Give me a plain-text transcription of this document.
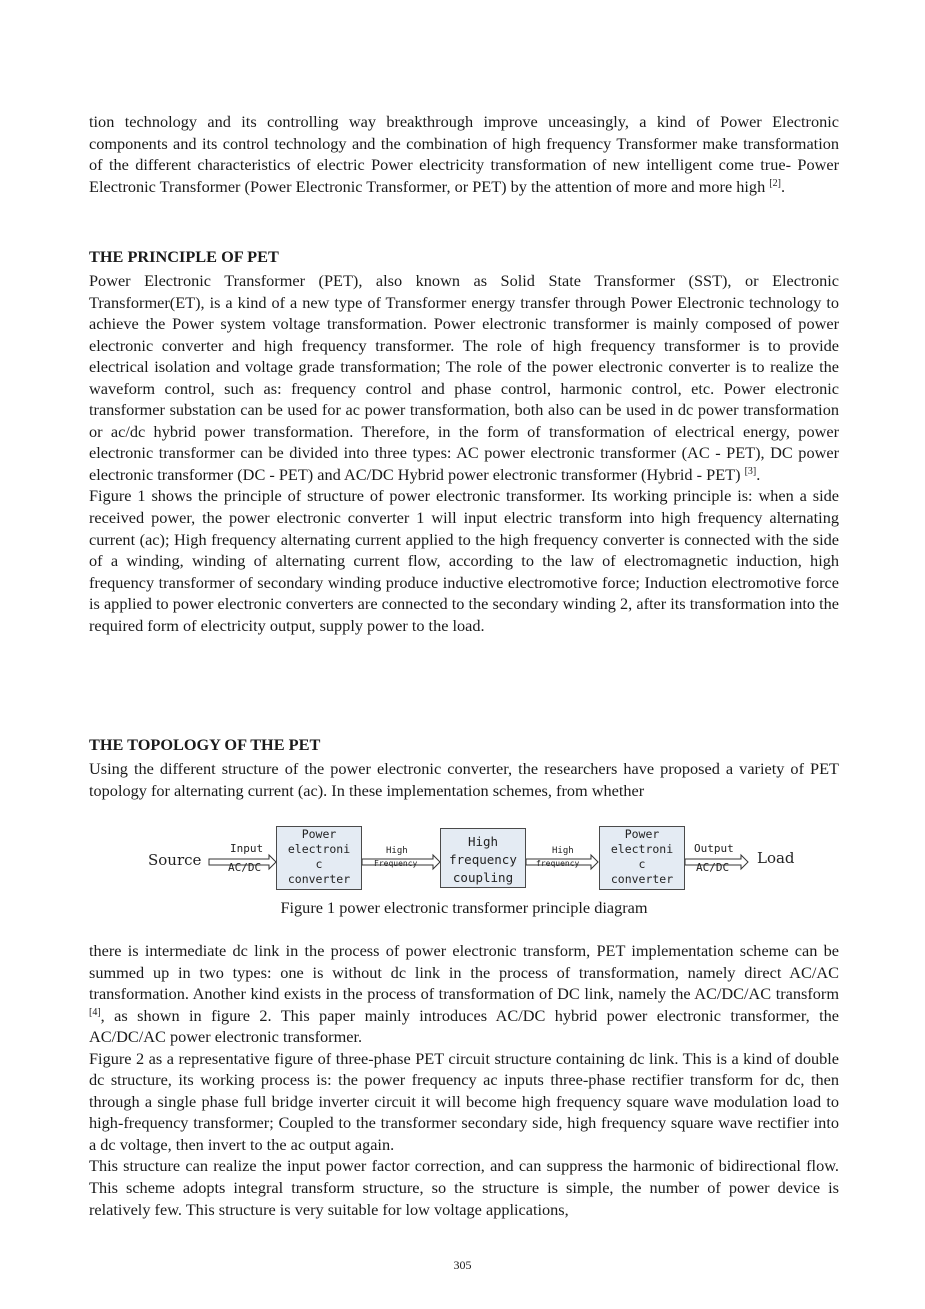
tion technology and its controlling way breakthrough improve unceasingly, a kind of Power Electronic components and its control technology and the combination of high frequency Transformer make transformation of the different characteristics of electric Power electricity transformation of new intelligent come true- Power Electronic Transformer (Power Electronic Transformer, or PET) by the attention of more and more high [2].

THE PRINCIPLE OF PET

Power Electronic Transformer (PET), also known as Solid State Transformer (SST), or Electronic Transformer(ET), is a kind of a new type of Transformer energy transfer through Power Electronic technology to achieve the Power system voltage transformation. Power electronic transformer is mainly composed of power electronic converter and high frequency transformer. The role of high frequency transformer is to provide electrical isolation and voltage grade transformation; The role of the power electronic converter is to realize the waveform control, such as: frequency control and phase control, harmonic control, etc. Power electronic transformer substation can be used for ac power transformation, both also can be used in dc power transformation or ac/dc hybrid power transformation. Therefore, in the form of transformation of electrical energy, power electronic transformer can be divided into three types: AC power electronic transformer (AC - PET), DC power electronic transformer (DC - PET) and AC/DC Hybrid power electronic transformer (Hybrid - PET) [3].

Figure 1 shows the principle of structure of power electronic transformer. Its working principle is: when a side received power, the power electronic converter 1 will input electric transform into high frequency alternating current (ac); High frequency alternating current applied to the high frequency converter is connected with the side of a winding, winding of alternating current flow, according to the law of electromagnetic induction, high frequency transformer of secondary winding produce inductive electromotive force; Induction electromotive force is applied to power electronic converters are connected to the secondary winding 2, after its transformation into the required form of electricity output, supply power to the load.

THE TOPOLOGY OF THE PET

Using the different structure of the power electronic converter, the researchers have proposed a variety of PET topology for alternating current (ac). In these implementation schemes, from whether

Source
Input
AC/DC
Power
electroni
c
converter
High
Frequency
High
frequency
coupling
High
frequency
Power
electroni
c
converter
Output
AC/DC
Load
Figure 1 power electronic transformer principle diagram

there is intermediate dc link in the process of power electronic transform, PET implementation scheme can be summed up in two types: one is without dc link in the process of transformation, namely direct AC/AC transformation. Another kind exists in the process of transformation of DC link, namely the AC/DC/AC transform [4], as shown in figure 2. This paper mainly introduces AC/DC hybrid power electronic transformer, the AC/DC/AC power electronic transformer.

Figure 2 as a representative figure of three-phase PET circuit structure containing dc link. This is a kind of double dc structure, its working process is: the power frequency ac inputs three-phase rectifier transform for dc, then through a single phase full bridge inverter circuit it will become high frequency square wave modulation load to high-frequency transformer; Coupled to the transformer secondary side, high frequency square wave rectifier into a dc voltage, then invert to the ac output again.

This structure can realize the input power factor correction, and can suppress the harmonic of bidirectional flow. This scheme adopts integral transform structure, so the structure is simple, the number of power device is relatively few. This structure is very suitable for low voltage applications,

305
